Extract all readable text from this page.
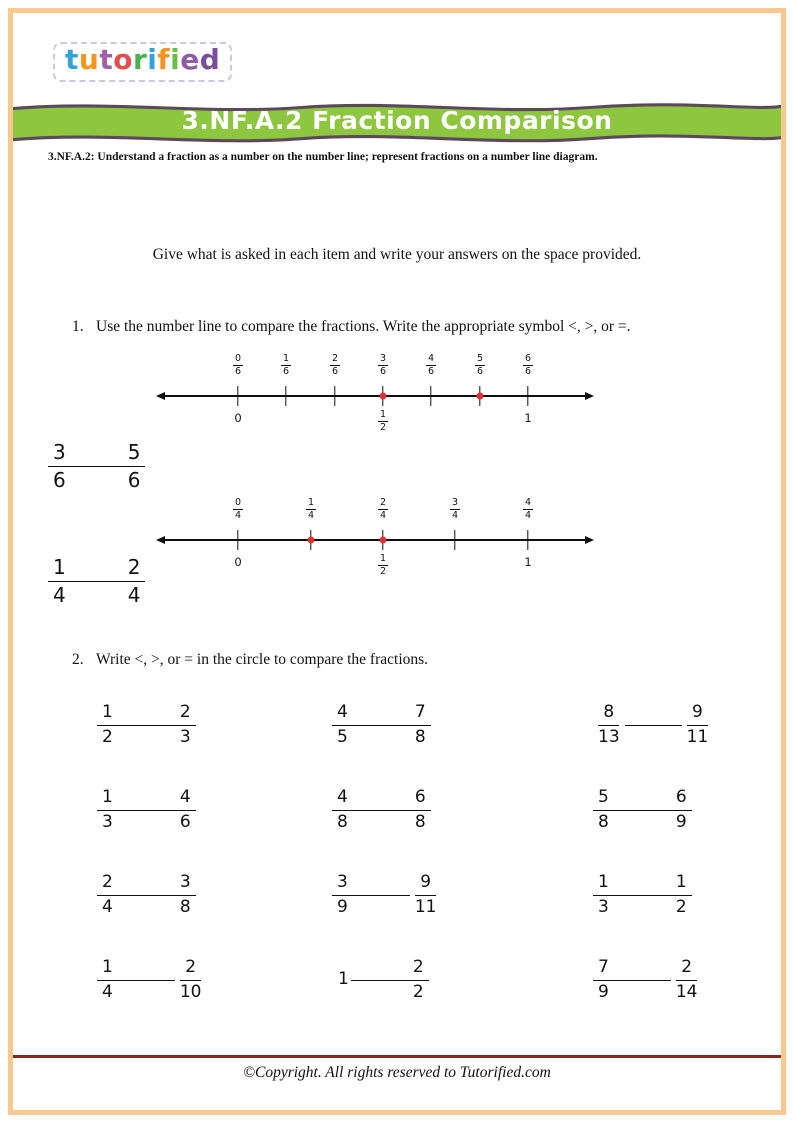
tutorified
3.NF.A.2 Fraction Comparison
3.NF.A.2: Understand a fraction as a number on the number line; represent fractions on a number line diagram.
Give what is asked in each item and write your answers on the space provided.
1. Use the number line to compare the fractions. Write the appropriate symbol <, >, or =.
0
6
1
6
2
6
3
6
4
6
5
6
6
6
0	1
2
1
$\frac{3}{6}$	$\frac{5}{6}$
0
4
1
4
2
4
3
4
4
4
0	1
2
1
$\frac{1}{4}$	$\frac{2}{4}$
2. Write <, >, or = in the circle to compare the fractions.
$\frac{1}{2}$	$\frac{2}{3}$	$\frac{4}{5}$	$\frac{7}{8}$	$\frac{8}{13}$	$\frac{9}{11}$
$\frac{1}{3}$	$\frac{4}{6}$	$\frac{4}{8}$	$\frac{6}{8}$	$\frac{5}{8}$	$\frac{6}{9}$
$\frac{2}{4}$	$\frac{3}{8}$	$\frac{3}{9}$	$\frac{9}{11}$	$\frac{1}{3}$	$\frac{1}{2}$
$\frac{1}{4}$	$\frac{2}{10}$	1	$\frac{2}{2}$	$\frac{7}{9}$	$\frac{2}{14}$
©Copyright. All rights reserved to Tutorified.com
